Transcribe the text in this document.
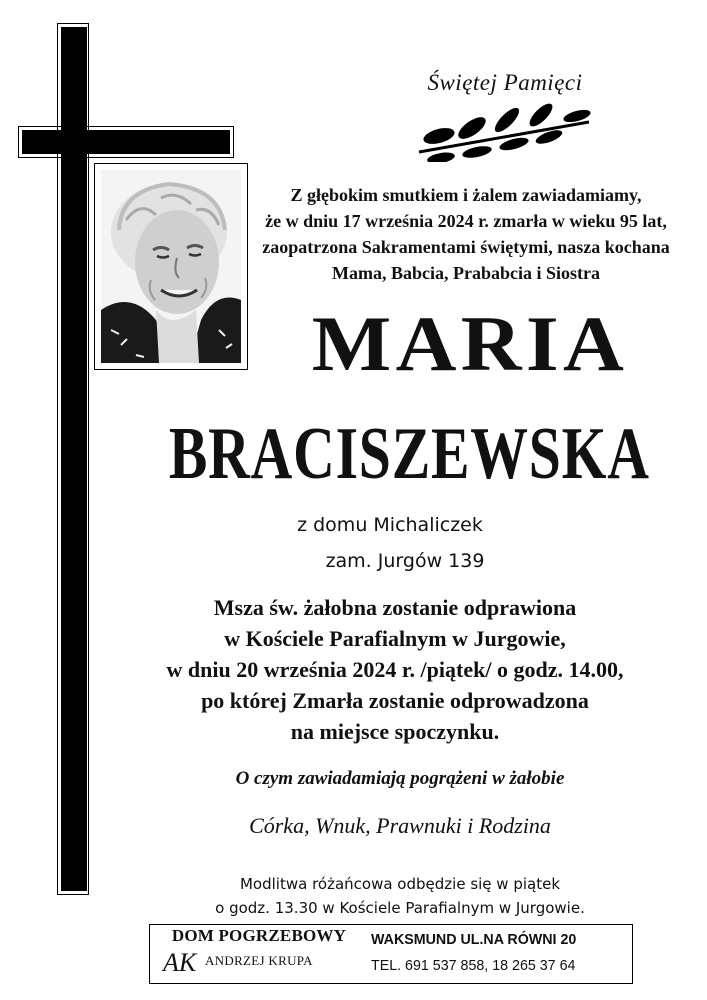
Świętej Pamięci
Z głębokim smutkiem i żalem zawiadamiamy,
że w dniu 17 września 2024 r. zmarła w wieku 95 lat,
zaopatrzona Sakramentami świętymi, nasza kochana
Mama, Babcia, Prababcia i Siostra
MARIA
BRACISZEWSKA
z domu Michaliczek
zam. Jurgów 139
Msza św. żałobna zostanie odprawiona
w Kościele Parafialnym w Jurgowie,
w dniu 20 września 2024 r. /piątek/ o godz. 14.00,
po której Zmarła zostanie odprowadzona
na miejsce spoczynku.
O czym zawiadamiają pogrążeni w żałobie
Córka, Wnuk, Prawnuki i Rodzina
Modlitwa różańcowa odbędzie się w piątek
o godz. 13.30 w Kościele Parafialnym w Jurgowie.
DOM POGRZEBOWY
AK ANDRZEJ KRUPA
WAKSMUND UL.NA RÓWNI 20
TEL. 691 537 858, 18 265 37 64
